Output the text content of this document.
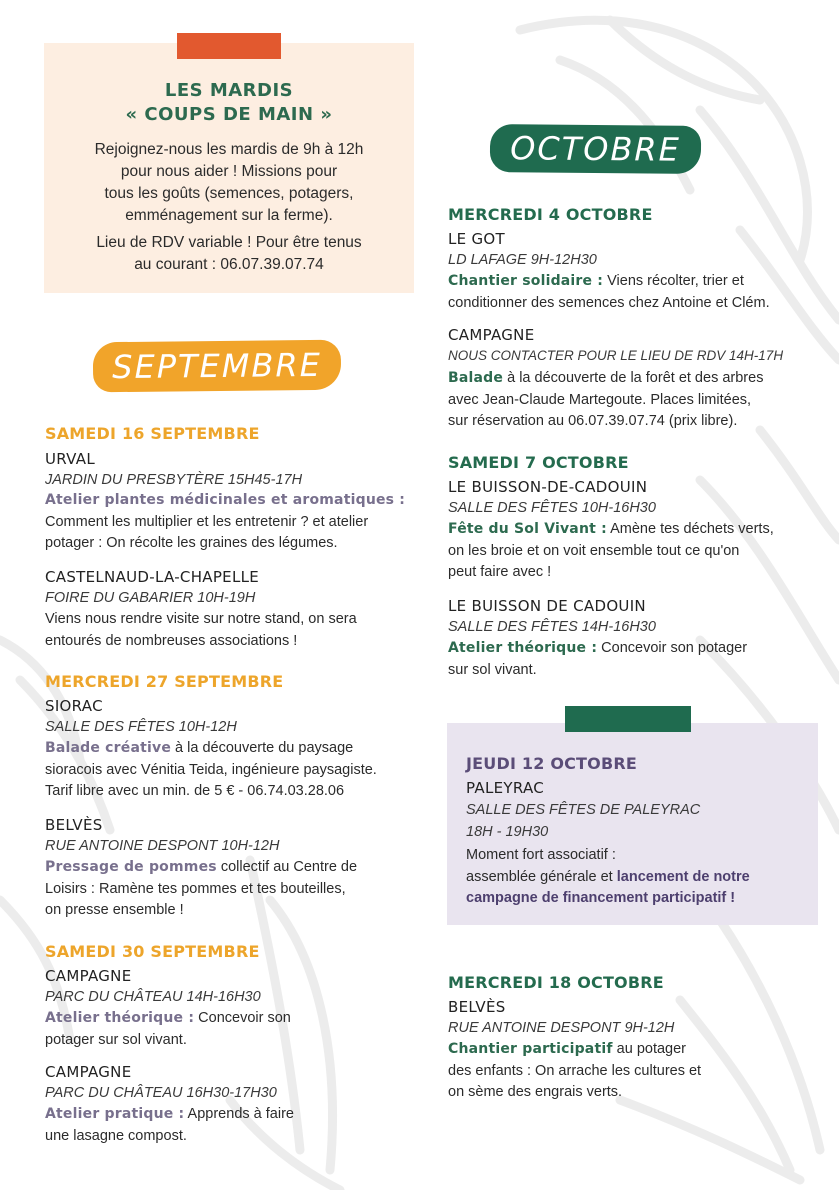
LES MARDIS
« COUPS DE MAIN »
Rejoignez-nous les mardis de 9h à 12h
pour nous aider ! Missions pour
tous les goûts (semences, potagers,
emménagement sur la ferme).
Lieu de RDV variable ! Pour être tenus
au courant : 06.07.39.07.74
SEPTEMBRE
OCTOBRE
SAMEDI 16 SEPTEMBRE
URVAL
JARDIN DU PRESBYTÈRE 15H45-17H
Atelier plantes médicinales et aromatiques :
Comment les multiplier et les entretenir ? et atelier
potager : On récolte les graines des légumes.
CASTELNAUD-LA-CHAPELLE
FOIRE DU GABARIER 10H-19H
Viens nous rendre visite sur notre stand, on sera
entourés de nombreuses associations !
MERCREDI 27 SEPTEMBRE
SIORAC
SALLE DES FÊTES 10H-12H
Balade créative à la découverte du paysage
sioracois avec Vénitia Teida, ingénieure paysagiste.
Tarif libre avec un min. de 5 € - 06.74.03.28.06
BELVÈS
RUE ANTOINE DESPONT 10H-12H
Pressage de pommes collectif au Centre de
Loisirs : Ramène tes pommes et tes bouteilles,
on presse ensemble !
SAMEDI 30 SEPTEMBRE
CAMPAGNE
PARC DU CHÂTEAU 14H-16H30
Atelier théorique : Concevoir son
potager sur sol vivant.
CAMPAGNE
PARC DU CHÂTEAU 16H30-17H30
Atelier pratique : Apprends à faire
une lasagne compost.
MERCREDI 4 OCTOBRE
LE GOT
LD LAFAGE 9H-12H30
Chantier solidaire : Viens récolter, trier et
conditionner des semences chez Antoine et Clém.
CAMPAGNE
NOUS CONTACTER POUR LE LIEU DE RDV 14H-17H
Balade à la découverte de la forêt et des arbres
avec Jean-Claude Martegoute. Places limitées,
sur réservation au 06.07.39.07.74 (prix libre).
SAMEDI 7 OCTOBRE
LE BUISSON-DE-CADOUIN
SALLE DES FÊTES 10H-16H30
Fête du Sol Vivant : Amène tes déchets verts,
on les broie et on voit ensemble tout ce qu'on
peut faire avec !
LE BUISSON DE CADOUIN
SALLE DES FÊTES 14H-16H30
Atelier théorique : Concevoir son potager
sur sol vivant.
JEUDI 12 OCTOBRE
PALEYRAC
SALLE DES FÊTES DE PALEYRAC
18H - 19H30
Moment fort associatif :
assemblée générale et lancement de notre
campagne de financement participatif !
MERCREDI 18 OCTOBRE
BELVÈS
RUE ANTOINE DESPONT 9H-12H
Chantier participatif au potager
des enfants : On arrache les cultures et
on sème des engrais verts.
